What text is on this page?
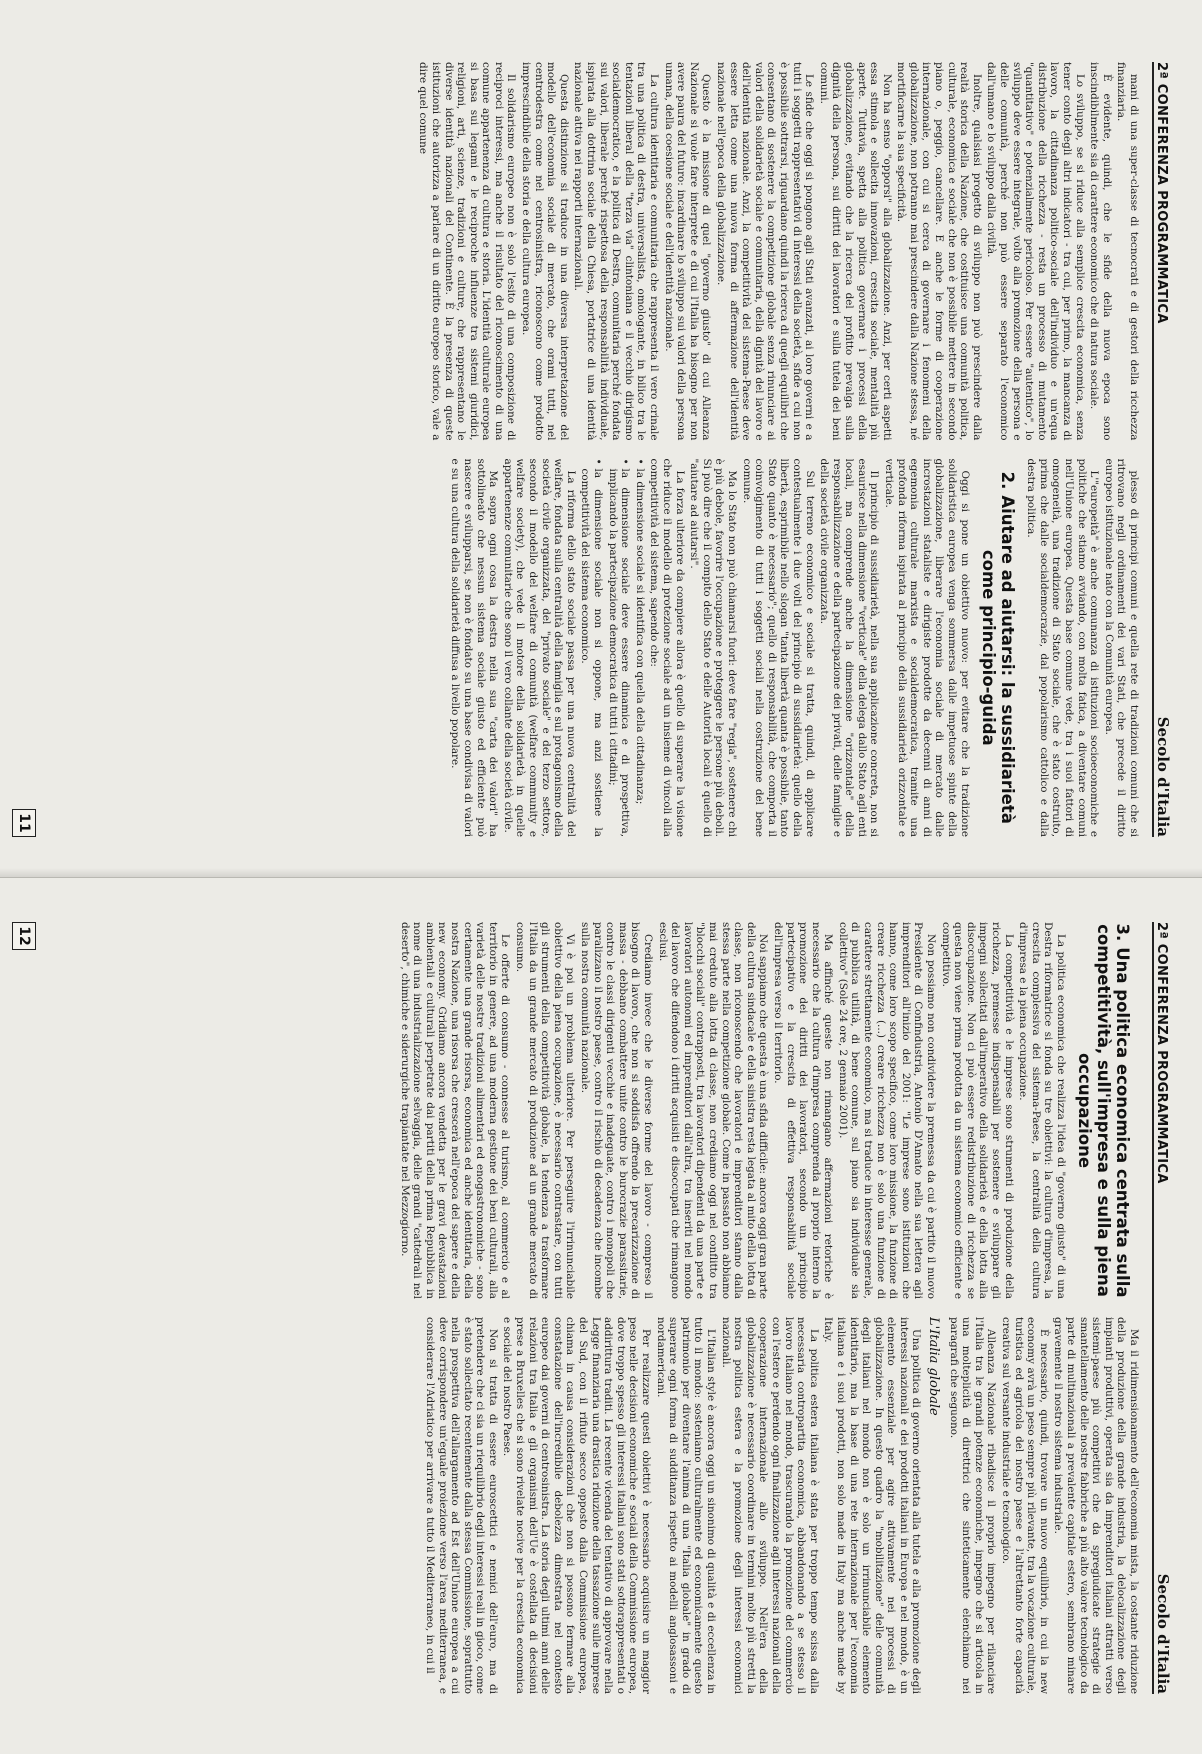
2ª CONFERENZA PROGRAMMATICA
Secolo d'Italia

mani di una super-classe di tecnocrati e di gestori della ricchezza finanziaria.

È evidente, quindi, che le sfide della nuova epoca sono inscindibilmente sia di carattere economico che di natura sociale.

Lo sviluppo, se si riduce alla semplice crescita economica, senza tener conto degli altri indicatori - tra cui, per primo, la mancanza di lavoro, la cittadinanza politico-sociale dell'individuo e un'equa distribuzione della ricchezza - resta un processo di mutamento "quantitativo" e potenzialmente pericoloso. Per essere "autentico", lo sviluppo deve essere integrale, volto alla promozione della persona e delle comunità, perché non può essere separato l'economico dall'umano e lo sviluppo dalla civiltà.

Inoltre, qualsiasi progetto di sviluppo non può prescindere dalla realtà storica della Nazione, che costituisce una comunità politica, culturale, economica e sociale che non è possibile mettere in secondo piano o, peggio, cancellare. E anche le forme di cooperazione internazionale, con cui si cerca di governare i fenomeni della globalizzazione, non potranno mai prescindere dalla Nazione stessa, né mortificarne la sua specificità.

Non ha senso "opporsi" alla globalizzazione. Anzi, per certi aspetti essa stimola e sollecita innovazioni, crescita sociale, mentalità più aperte. Tuttavia, spetta alla politica governare i processi della globalizzazione, evitando che la ricerca del profitto prevalga sulla dignità della persona, sui diritti dei lavoratori e sulla tutela dei beni comuni.

Le sfide che oggi si pongono agli Stati avanzati, ai loro governi e a tutti i soggetti rappresentativi di interessi della società, sfide a cui non è possibile sottrarsi, riguardano quindi la ricerca di quegli equilibri che consentano di sostenere la competizione globale senza rinunciare ai valori della solidarietà sociale e comunitaria, della dignità del lavoro e dell'identità nazionale. Anzi, la competitività del sistema-Paese deve essere letta come una nuova forma di affermazione dell'identità nazionale nell'epoca della globalizzazione.

Questo è la missione di quel "governo giusto" di cui Alleanza Nazionale si vuole fare interprete e di cui l'Italia ha bisogno per non avere paura del futuro: incardinare lo sviluppo sui valori della persona umana, della coesione sociale e dell'identità nazionale.

La cultura identitaria e comunitaria che rappresenta il vero crinale tra una politica di destra, universalista, omologante, in bilico tra le tentazioni liberal della "terza via" clintoniana e il vecchio dirigismo socialdemocratico, e la politica di Destra, comunitaria perché fondata sui valori, liberale perché rispettosa della responsabilità individuale, ispirata alla dottrina sociale della Chiesa, portatrice di una identità nazionale attiva nei rapporti internazionali.

Questa distinzione si traduce in una diversa interpretazione del modello dell'economia sociale di mercato, che orami tutti, nel centrodestra come nel centrosinistra, riconoscono come prodotto imprescindibile della storia e della cultura europea.

Il solidarismo europeo non è solo l'esito di una composizione di reciproci interessi, ma anche il risultato del riconoscimento di una comune appartenenza di cultura e storia. L'identità culturale europea si basa sui legami e le reciproche influenze tra sistemi giuridici, religioni, arti, scienze, tradizioni e culture, che rappresentano le diverse identità nazionali del Continente. È la presenza di queste istituzioni che autorizza a parlare di un diritto europeo storico, vale a dire quel comune

plesso di principi comuni e quella rete di tradizioni comuni che si ritrovano negli ordinamenti dei vari Stati, che precede il diritto europeo istituzionale nato con la Comunità europea.

L'"europeità" è anche comunanza di istituzioni socioeconomiche e politiche che stiamo avviando, con molta fatica, a diventare comuni nell'Unione europea. Questa base comune vede, tra i suoi fattori di omogeneità, una tradizione di Stato sociale, che è stato costruito, prima che dalle socialdemocrazie, dal popolarismo cattolico e dalla destra politica.

2.Aiutare ad aiutarsi: la sussidiarietà come principio-guida

Oggi si pone un obiettivo nuovo: per evitare che la tradizione solidaristica europea venga sommersa dalle impetuose spinte della globalizzazione, liberare l'economia sociale di mercato dalle incrostazioni stataliste e dirigiste prodotte da decenni di anni di egemonia culturale marxista e socialdemocratica, tramite una profonda riforma ispirata al principio della sussidiarietà orizzontale e verticale.

Il principio di sussidiarietà, nella sua applicazione concreta, non si esaurisce nella dimensione "verticale" della delega dallo Stato agli enti locali, ma comprende anche la dimensione "orizzontale" della responsabilizzazione e della partecipazione dei privati, delle famiglie e della società civile organizzata.

Sul terreno economico e sociale si tratta, quindi, di applicare contestualmente i due volti del principio di sussidiarietà: quello della libertà, esprimibile nello slogan "tanta libertà quanta è possibile, tanto Stato quanto è necessario"; quello di responsabilità, che comporta il coinvolgimento di tutti i soggetti sociali nella costruzione del bene comune.

Ma lo Stato non può chiamarsi fuori: deve fare "regia", sostenere chi è più debole, favorire l'occupazione e proteggere le persone più deboli. Si può dire che il compito dello Stato e delle Autorità locali è quello di "aiutare ad aiutarsi".

La forza ulteriore da compiere allora è quello di superare la visione che riduce il modello di protezione sociale ad un insieme di vincoli alla competitività del sistema, sapendo che:

• la dimensione sociale si identifica con quella della cittadinanza;

• la dimensione sociale deve essere dinamica e di prospettiva, implicando la partecipazione democratica di tutti i cittadini;

• la dimensione sociale non si oppone, ma anzi sostiene la competitività del sistema economico.

La riforma dello stato sociale passa per una nuova centralità del welfare, fondata sulla centralità della famiglia e sul protagonismo della società civile organizzata, del "privato sociale" e del terzo settore, secondo il modello del welfare di comunità (welfare community e welfare society), che vede il motore della solidarietà in quelle appartenenze comunitarie che sono il vero collante della società civile.

Ma sopra ogni cosa la destra nella sua "carta dei valori" ha sottolineato che nessun sistema sociale giusto ed efficiente può nascere e svilupparsi, se non è fondato su una base condivisa di valori e su una cultura della solidarietà diffusa a livello popolare.

11
2ª CONFERENZA PROGRAMMATICA
Secolo d'Italia
3.Una politica economica centrata sulla competitività, sull'impresa e sulla piena occupazione

La politica economica che realizza l'idea di "governo giusto" di una Destra riformatrice si fonda su tre obiettivi: la cultura d'impresa, la crescita complessiva del sistema-Paese, la centralità della cultura d'impresa e la piena occupazione.

La competitività e le imprese sono strumenti di produzione della ricchezza, premesse indispensabili per sostenere e sviluppare gli impegni sollecitati dall'imperativo della solidarietà e della lotta alla disoccupazione. Non ci può essere redistribuzione di ricchezza se questa non viene prima prodotta da un sistema economico efficiente e competitivo.

Non possiamo non condividere la premessa da cui è partito il nuovo Presidente di Confindustria, Antonio D'Amato nella sua lettera agli imprenditori all'inizio del 2001: "Le imprese sono istituzioni che hanno, come loro scopo specifico, come loro missione, la funzione di creare ricchezza (...) creare ricchezza non è solo una funzione di carattere strettamente economico, ma si traduce in interesse generale, di pubblica utilità, di bene comune, sul piano sia individuale sia collettivo" (Sole 24 ore, 2 gennaio 2001).

Ma affinché queste non rimangano affermazioni retoriche è necessario che la cultura d'impresa comprenda al proprio interno la promozione dei diritti dei lavoratori, secondo un principio partecipativo e la crescita di effettiva responsabilità sociale dell'impresa verso il territorio.

Noi sappiamo che questa è una sfida difficile: ancora oggi gran parte della cultura sindacale e della sinistra resta legata al mito della lotta di classe, non riconoscendo che lavoratori e imprenditori stanno dalla stessa parte nella competizione globale. Come in passato non abbiamo mai creduto alla lotta di classe, non crediamo oggi nel conflitto tra "blocchi sociali" contrapposti, tra lavoratori dipendenti da una parte e lavoratori autonomi ed imprenditori dall'altra, tra inseriti nel mondo del lavoro che difendono i diritti acquisiti e disoccupati che rimangono esclusi.

Crediamo invece che le diverse forme del lavoro - compreso il bisogno di lavoro, che non si soddisfa offrendo la precarizzazione di massa - debbano combattere unite contro le burocrazie parassitarie, contro le classi dirigenti vecchie e inadeguate, contro i monopoli che paralizzano il nostro paese, contro il rischio di decadenza che incombe sulla nostra comunità nazionale.

Vi è poi un problema ulteriore. Per perseguire l'irrinunciabile obiettivo della piena occupazione, è necessario contrastare, con tutti gli strumenti della competitività globale, la tendenza a trasformare l'Italia da un grande mercato di produzione ad un grande mercato di consumo.

Le offerte di consumo - connesse al turismo, al commercio e al territorio in genere, ad una moderna gestione dei beni culturali, alla varietà delle nostre tradizioni alimentari ed enogastronomiche - sono certamente una grande risorsa, economica ed anche identitaria, della nostra Nazione, una risorsa che crescerà nell'epoca del sapere e della new economy. Gridiamo ancora vendetta per le gravi devastazioni ambientali e culturali perpetrate dai partiti della prima Repubblica in nome di una industrializzazione selvaggia, delle grandi "cattedrali nel deserto", chimiche e siderurgiche trapiantate nel Mezzogiorno.

Ma il ridimensionamento dell'economia mista, la costante riduzione della produzione della grande industria, la delocalizzazione degli impianti produttivi, operata sia da imprenditori italiani attratti verso sistemi-paese più competitivi che da spregiudicate strategie di smantellamento delle nostre fabbriche a più alto valore tecnologico da parte di multinazionali a prevalente capitale estero, sembrano minare gravemente il nostro sistema industriale.

È necessario, quindi, trovare un nuovo equilibrio, in cui la new economy avrà un peso sempre più rilevante, tra la vocazione culturale, turistica ed agricola del nostro paese e l'altrettanto forte capacità creativa sul versante industriale e tecnologico.

Alleanza Nazionale ribadisce il proprio impegno per rilanciare l'Italia tra le grandi potenze economiche, impegno che si articola in una molteplicità di direttrici che sinteticamente elenchiamo nei paragrafi che seguono.

L'Italia globale

Una politica di governo orientata alla tutela e alla promozione degli interessi nazionali e dei prodotti italiani in Europa e nel mondo, è un elemento essenziale per agire attivamente nei processi di globalizzazione. In questo quadro la "mobilitazione" delle comunità degli italiani nel mondo non è solo un irrinunciabile elemento identitario, ma la base di una rete internazionale per l'economia italiana e i suoi prodotti, non solo made in Italy ma anche made by Italy.

La politica estera italiana è stata per troppo tempo scissa dalla necessaria contropartita economica, abbandonando a se stesso il lavoro italiano nel mondo, trascurando la promozione del commercio con l'estero e perdendo ogni finalizzazione agli interessi nazionali della cooperazione internazionale allo sviluppo. Nell'era della globalizzazione è necessario coordinare in termini molto più stretti la nostra politica estera e la promozione degli interessi economici nazionali.

L'Italian style è ancora oggi un sinonimo di qualità e di eccellenza in tutto il mondo: sosteniamo culturalmente ed economicamente questo patrimonio per diventare l'anima di una "Italia globale" in grado di superare ogni forma di sudditanza rispetto ai modelli anglosassoni e nordamericani.

Per realizzare questi obiettivi è necessario acquisire un maggior peso nelle decisioni economiche e sociali della Commissione europea, dove troppo spesso gli interessi italiani sono stati sottorappresentati o addirittura traditi. La recente vicenda del tentativo di approvare nella Legge finanziaria una drastica riduzione della tassazione sulle imprese del Sud, con il rifiuto secco opposto dalla Commissione europea, chiama in causa considerazioni che non si possono fermare alla constatazione dell'incredibile debolezza dimostrata nel contesto europeo dai governi di centrosinistra. La storia degli ultimi anni delle relazioni tra Italia e gli organismi dell'Ue è costellata di decisioni prese a Bruxelles che si sono rivelate nocive per la crescita economica e sociale del nostro Paese.

Non si tratta di essere euroscettici e nemici dell'euro, ma di pretendere che ci sia un riequilibrio degli interessi reali in gioco, come è stato sollecitato recentemente dalla stessa Commissione, soprattutto nella prospettiva dell'allargamento ad Est dell'Unione europea a cui deve corrispondere un'eguale proiezione verso l'area mediterranea, e considerare l'Adriatico per arrivare a tutto il Mediterraneo, in cui il

12
